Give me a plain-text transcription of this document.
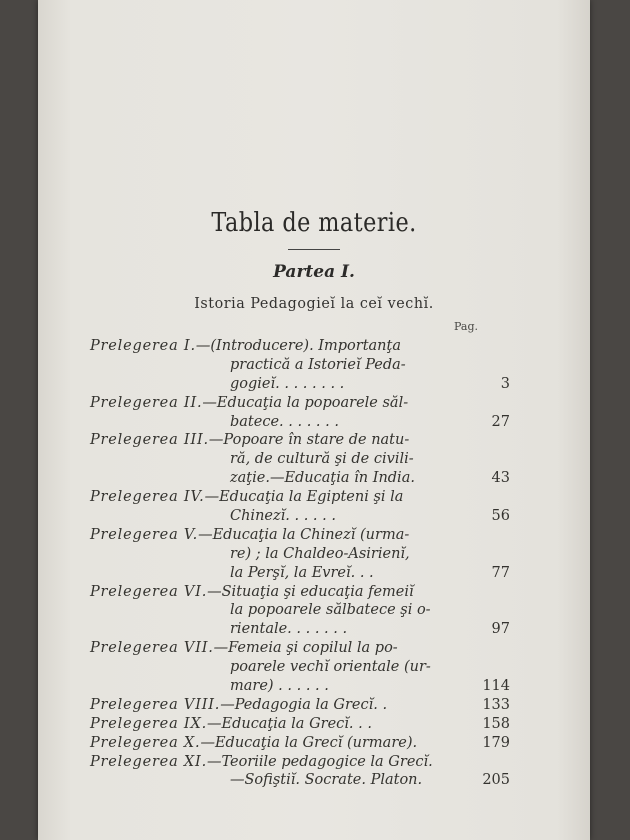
Tabla de materie.
Partea I.
Istoria Pedagogieĭ la ceĭ vechĭ.
Pag.
Prelegerea I.—(Introducere). Importanţa
practică a Istorieĭ Peda-
gogieĭ. . . . . . . .	3
Prelegerea II.—Educaţia la popoarele săl-
batece. . . . . . .	27
Prelegerea III.—Popoare în stare de natu-
ră, de cultură şi de civili-
zaţie.—Educaţia în India.	43
Prelegerea IV.—Educaţia la Egipteni şi la
Chinezĭ. . . . . .	56
Prelegerea V.—Educaţia la Chinezĭ (urma-
re) ; la Chaldeo-Asirienĭ,
la Perşĭ, la Evreĭ. . .	77
Prelegerea VI.—Situaţia şi educaţia femeiĭ
la popoarele sălbatece şi o-
rientale. . . . . . .	97
Prelegerea VII.—Femeia şi copilul la po-
poarele vechĭ orientale (ur-
mare) . . . . . .	114
Prelegerea VIII.—Pedagogia la Grecĭ. .	133
Prelegerea IX.—Educaţia la Grecĭ. . .	158
Prelegerea X.—Educaţia la Grecĭ (urmare).	179
Prelegerea XI.—Teoriile pedagogice la Grecĭ.
—Sofiştiĭ. Socrate. Platon.	205
